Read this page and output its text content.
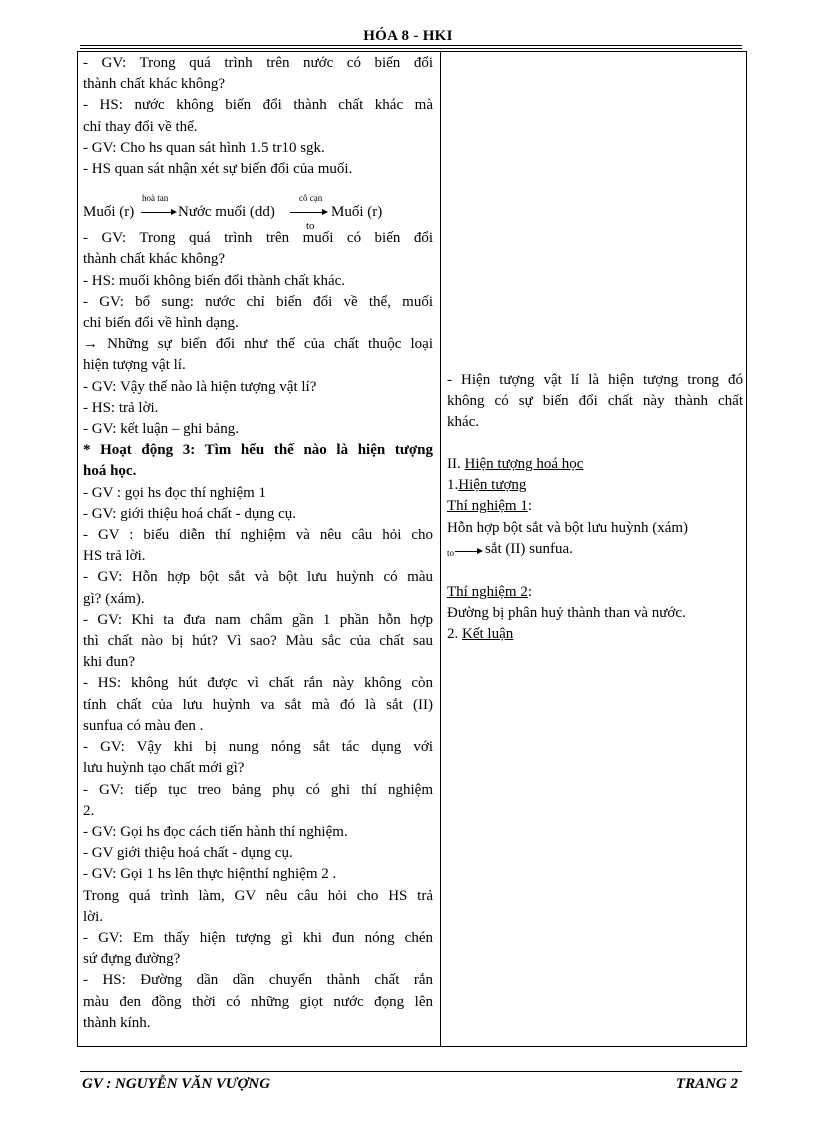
HÓA 8 - HKI
- GV: Trong quá trình trên nước có biến đổi
thành chất khác không?
- HS: nước không biến đổi thành chất khác mà
chỉ thay đổi về thể.
- GV: Cho hs quan sát hình 1.5 tr10 sgk.
- HS quan sát nhận xét sự biến đổi của muối.
Muối (r)
hoà tan
→ Nước muối (dd)
cô cạn
to
Muối (r)
- GV: Trong quá trình trên muối có biến đổi
thành chất khác không?
- HS: muối không biến đổi thành chất khác.
- GV: bổ sung: nước chỉ biến đổi về thể, muối
chỉ biến đổi về hình dạng.
→ Những sự biến đổi như thế của chất thuộc loại
hiện tượng vật lí.
- GV: Vậy thế nào là hiện tượng vật lí?
- HS: trả lời.
- GV: kết luận – ghi bảng.
* Hoạt động 3: Tìm hểu thế nào là hiện tượng
hoá học.
- GV : gọi hs đọc thí nghiệm 1
- GV: giới thiệu hoá chất - dụng cụ.
- GV : biểu diễn thí nghiệm và nêu câu hỏi cho
HS trả lời.
- GV: Hỗn hợp bột sắt và bột lưu huỳnh có màu
gì? (xám).
- GV: Khi ta đưa nam châm gần 1 phần hỗn hợp
thì chất nào bị hút? Vì sao? Màu sắc của chất sau
khi đun?
- HS: không hút được vì chất rắn này không còn
tính chất của lưu huỳnh va sắt mà đó là sắt (II)
sunfua có màu đen .
- GV: Vậy khi bị nung nóng sắt tác dụng với
lưu huỳnh tạo chất mới gì?
- GV: tiếp tục treo bảng phụ có ghi thí nghiệm
2.
- GV: Gọi hs đọc cách tiến hành thí nghiệm.
- GV giới thiệu hoá chất - dụng cụ.
- GV: Gọi 1 hs lên thực hiệnthí nghiệm 2 .
Trong quá trình làm, GV nêu câu hỏi cho HS trả
lời.
- GV: Em thấy hiện tượng gì khi đun nóng chén
sứ đựng đường?
- HS: Đường dần dần chuyển thành chất rắn
màu đen đồng thời có những giọt nước đọng lên
thành kính.
- Hiện tượng vật lí là hiện tượng trong đó
không có sự biến đổi chất này thành chất
khác.
II. Hiện tượng hoá học
1.Hiện tượng
Thí nghiệm 1:
Hỗn hợp bột sắt và bột lưu huỳnh (xám)
to → sắt (II) sunfua.
Thí nghiệm 2:
Đường bị phân huỷ thành than và nước.
2. Kết luận
GV : NGUYỄN VĂN VƯỢNG	TRANG 2
